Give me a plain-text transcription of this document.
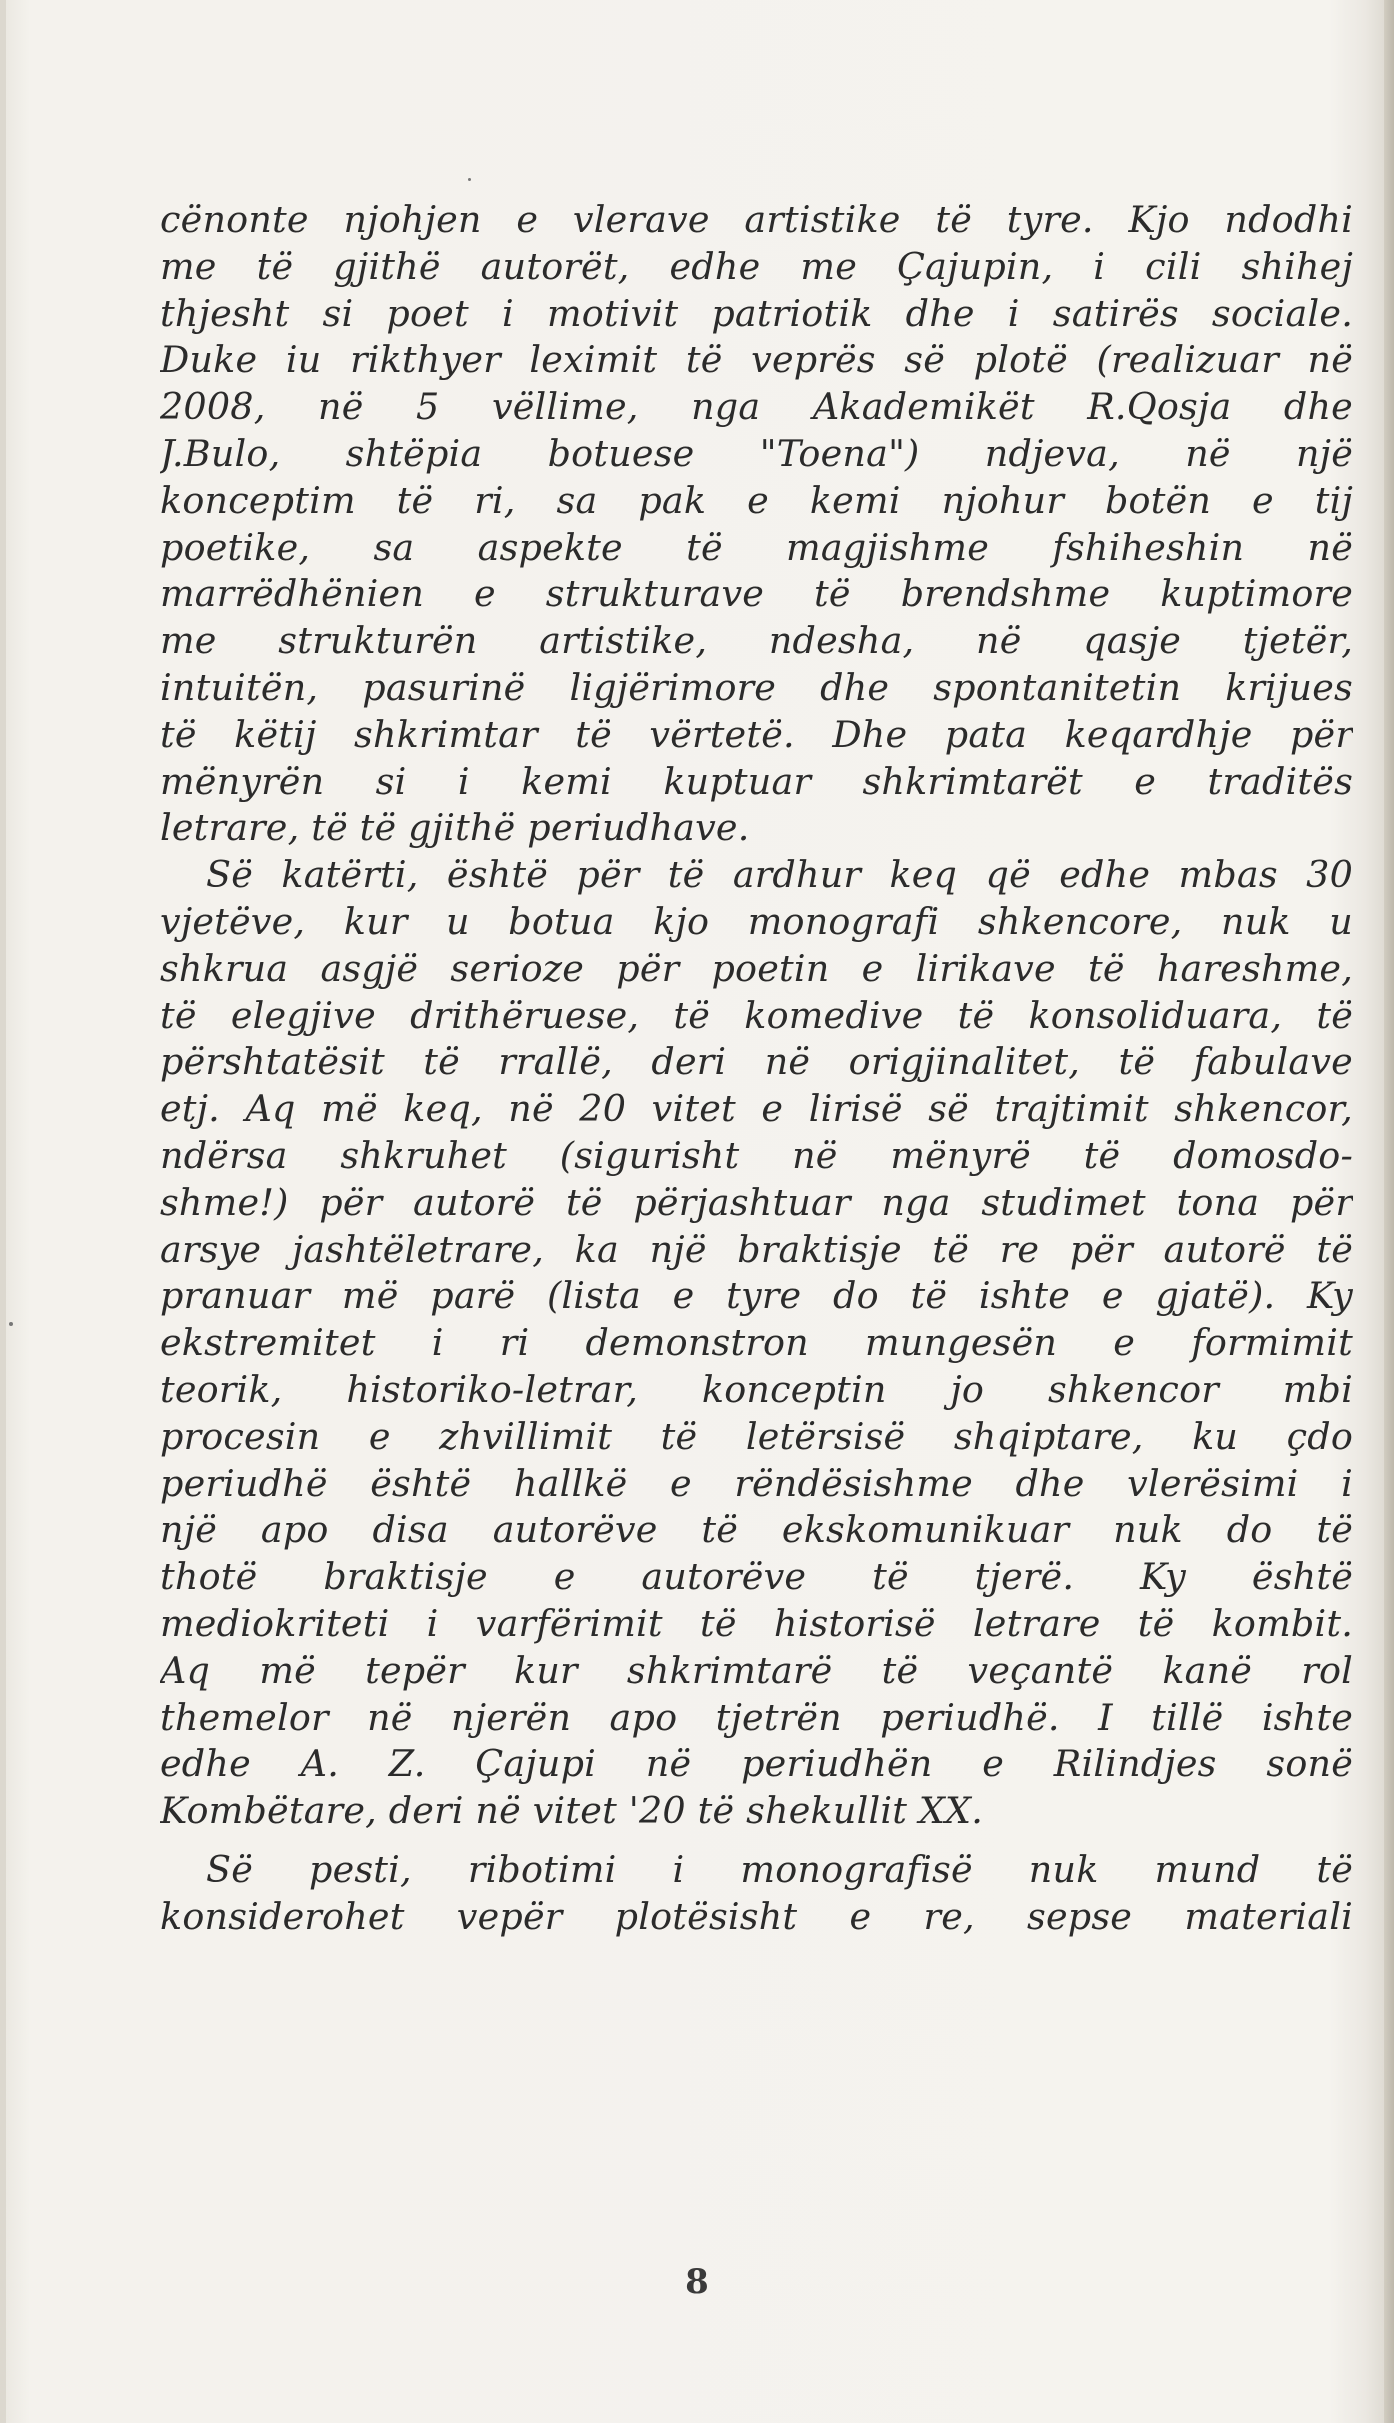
cënonte njohjen e vlerave artistike të tyre. Kjo ndodhi
me të gjithë autorët, edhe me Çajupin, i cili shihej
thjesht si poet i motivit patriotik dhe i satirës sociale.
Duke iu rikthyer leximit të veprës së plotë (realizuar në
2008, në 5 vëllime, nga Akademikët R.Qosja dhe
J.Bulo, shtëpia botuese "Toena") ndjeva, në një
konceptim të ri, sa pak e kemi njohur botën e tij
poetike, sa aspekte të magjishme fshiheshin në
marrëdhënien e strukturave të brendshme kuptimore
me strukturën artistike, ndesha, në qasje tjetër,
intuitën, pasurinë ligjërimore dhe spontanitetin krijues
të këtij shkrimtar të vërtetë. Dhe pata keqardhje për
mënyrën si i kemi kuptuar shkrimtarët e traditës
letrare, të të gjithë periudhave.
Së katërti, është për të ardhur keq që edhe mbas 30
vjetëve, kur u botua kjo monografi shkencore, nuk u
shkrua asgjë serioze për poetin e lirikave të hareshme,
të elegjive drithëruese, të komedive të konsoliduara, të
përshtatësit të rrallë, deri në origjinalitet, të fabulave
etj. Aq më keq, në 20 vitet e lirisë së trajtimit shkencor,
ndërsa shkruhet (sigurisht në mënyrë të domosdo-
shme!) për autorë të përjashtuar nga studimet tona për
arsye jashtëletrare, ka një braktisje të re për autorë të
pranuar më parë (lista e tyre do të ishte e gjatë). Ky
ekstremitet i ri demonstron mungesën e formimit
teorik, historiko-letrar, konceptin jo shkencor mbi
procesin e zhvillimit të letërsisë shqiptare, ku çdo
periudhë është hallkë e rëndësishme dhe vlerësimi i
një apo disa autorëve të ekskomunikuar nuk do të
thotë braktisje e autorëve të tjerë. Ky është
mediokriteti i varfërimit të historisë letrare të kombit.
Aq më tepër kur shkrimtarë të veçantë kanë rol
themelor në njerën apo tjetrën periudhë. I tillë ishte
edhe A. Z. Çajupi në periudhën e Rilindjes sonë
Kombëtare, deri në vitet '20 të shekullit XX.
Së pesti, ribotimi i monografisë nuk mund të
konsiderohet vepër plotësisht e re, sepse materiali
8
